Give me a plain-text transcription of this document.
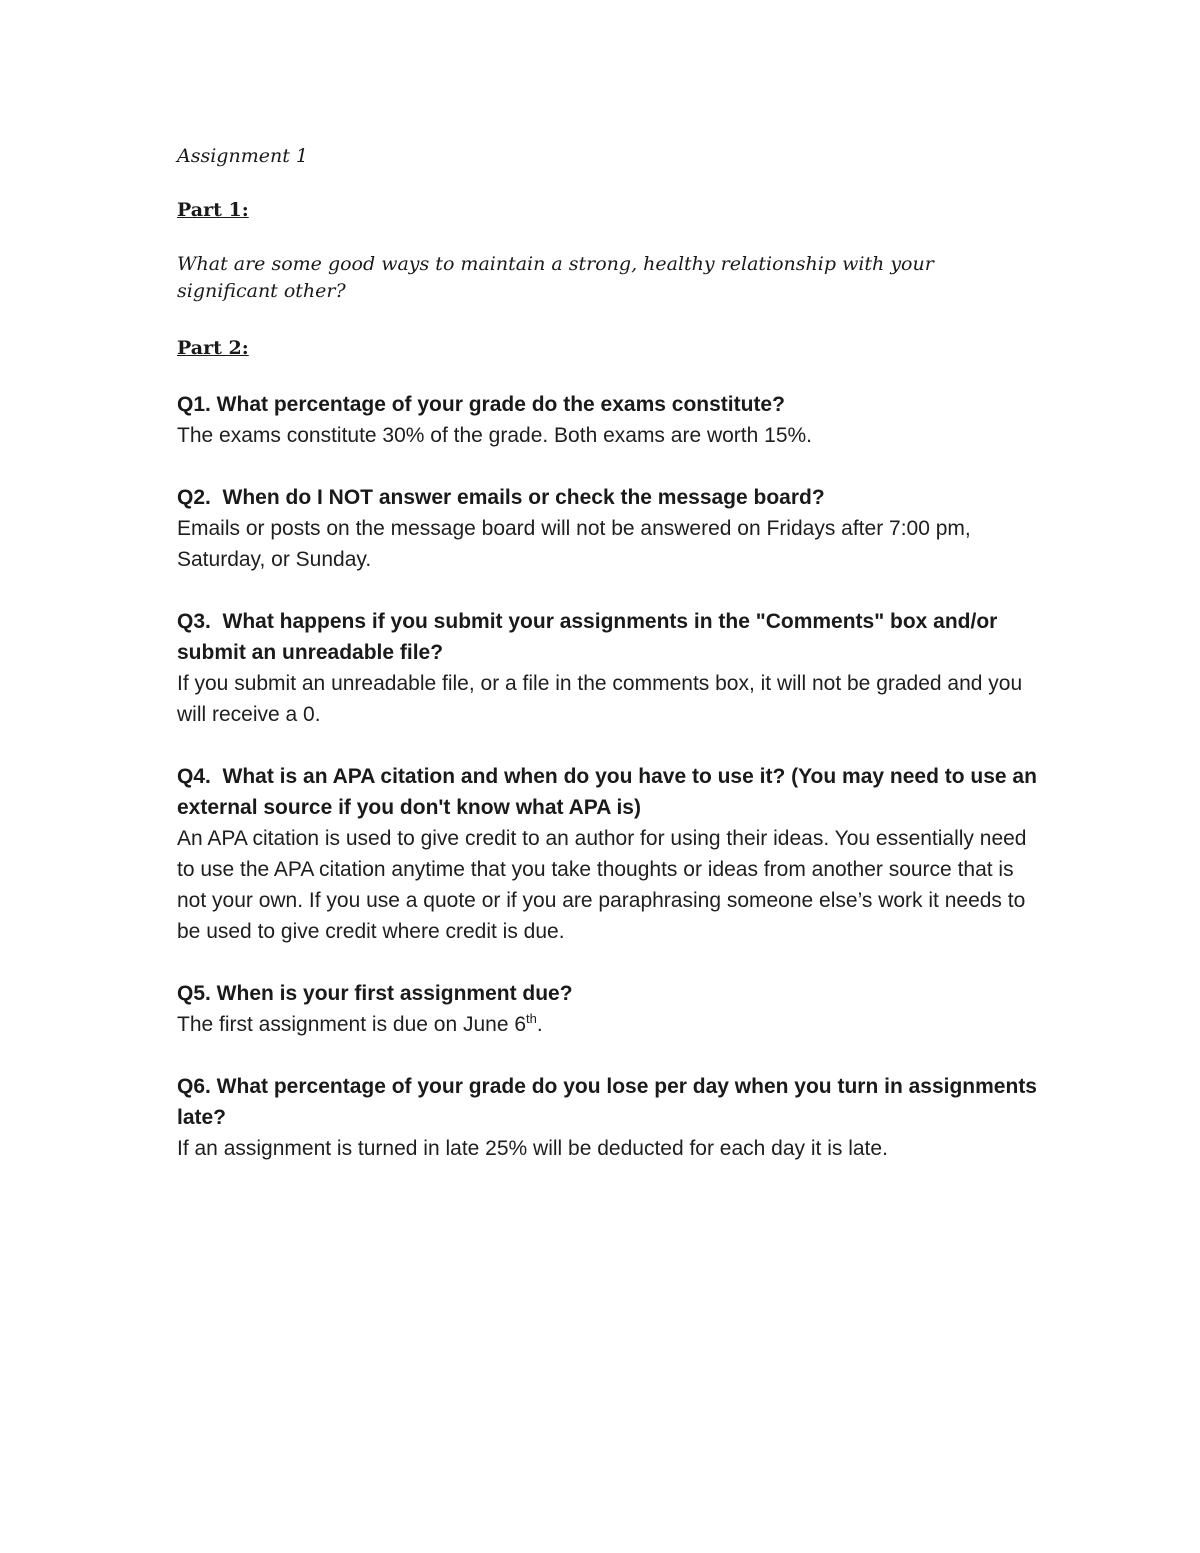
Assignment 1
Part 1:
What are some good ways to maintain a strong, healthy relationship with your significant other?
Part 2:

Q1. What percentage of your grade do the exams constitute?

The exams constitute 30% of the grade. Both exams are worth 15%.

Q2.  When do I NOT answer emails or check the message board?

Emails or posts on the message board will not be answered on Fridays after 7:00 pm, Saturday, or Sunday.

Q3.  What happens if you submit your assignments in the "Comments" box and/or submit an unreadable file?

If you submit an unreadable file, or a file in the comments box, it will not be graded and you will receive a 0.

Q4.  What is an APA citation and when do you have to use it? (You may need to use an external source if you don't know what APA is)

An APA citation is used to give credit to an author for using their ideas. You essentially need to use the APA citation anytime that you take thoughts or ideas from another source that is not your own. If you use a quote or if you are paraphrasing someone else’s work it needs to be used to give credit where credit is due.

Q5. When is your first assignment due?

The first assignment is due on June 6th.

Q6. What percentage of your grade do you lose per day when you turn in assignments late?

If an assignment is turned in late 25% will be deducted for each day it is late.
